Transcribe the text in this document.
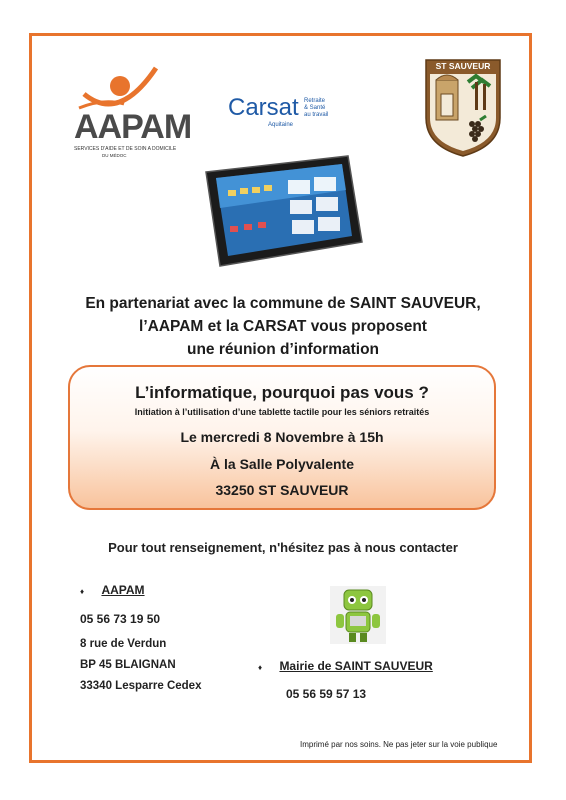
AAPAM
SERVICES D'AIDE ET DE SOIN A DOMICILE
DU MÉDOC
Carsat Retraite
& Santé
au travail
Aquitaine
ST SAUVEUR
En partenariat avec la commune de SAINT SAUVEUR,
l’AAPAM et la CARSAT vous proposent
une réunion d’information
L’informatique, pourquoi pas vous ?
Initiation à l’utilisation d’une tablette tactile pour les séniors retraités
Le mercredi 8 Novembre à 15h
À la Salle Polyvalente
33250 ST SAUVEUR
Pour tout renseignement, n'hésitez pas à nous contacter
♦ AAPAM
05 56 73 19 50
8 rue de Verdun
BP 45 BLAIGNAN
33340 Lesparre Cedex
♦ Mairie de SAINT SAUVEUR
05 56 59 57 13
Imprimé par nos soins. Ne pas jeter sur la voie publique
